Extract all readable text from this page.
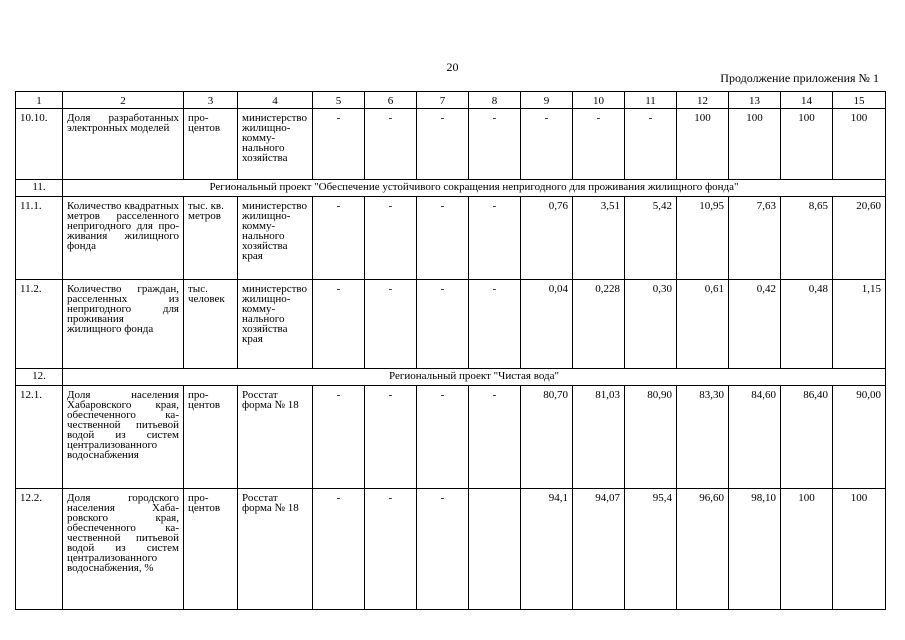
20
Продолжение приложения № 1
1	2	3	4	5	6	7	8	9	10	11	12	13	14	15
10.10.	Доля разработанных электронных моделей	процентов	министерство жилищно-коммунального хозяйства	-	-	-	-	-	-	-	100	100	100	100
11.	Региональный проект "Обеспечение устойчивого сокращения непригодного для проживания жилищного фонда"													
11.1.	Количество квадратных метров расселенного непригодного для проживания жилищного фонда	тыс. кв. метров	министерство жилищно-коммунального хозяйства края	-	-	-	-	0,76	3,51	5,42	10,95	7,63	8,65	20,60
11.2.	Количество граждан, расселенных из непригодного для проживания жилищного фонда	тыс. человек	министерство жилищно-коммунального хозяйства края	-	-	-	-	0,04	0,228	0,30	0,61	0,42	0,48	1,15
12.	Региональный проект "Чистая вода"													
12.1.	Доля населения Хабаровского края, обеспеченного качественной питьевой водой из систем централизованного водоснабжения	процентов	Росстат форма № 18	-	-	-	-	80,70	81,03	80,90	83,30	84,60	86,40	90,00
12.2.	Доля городского населения Хабаровского края, обеспеченного качественной питьевой водой из систем централизованного водоснабжения, %	процентов	Росстат форма № 18	-	-	-		94,1	94,07	95,4	96,60	98,10	100	100
